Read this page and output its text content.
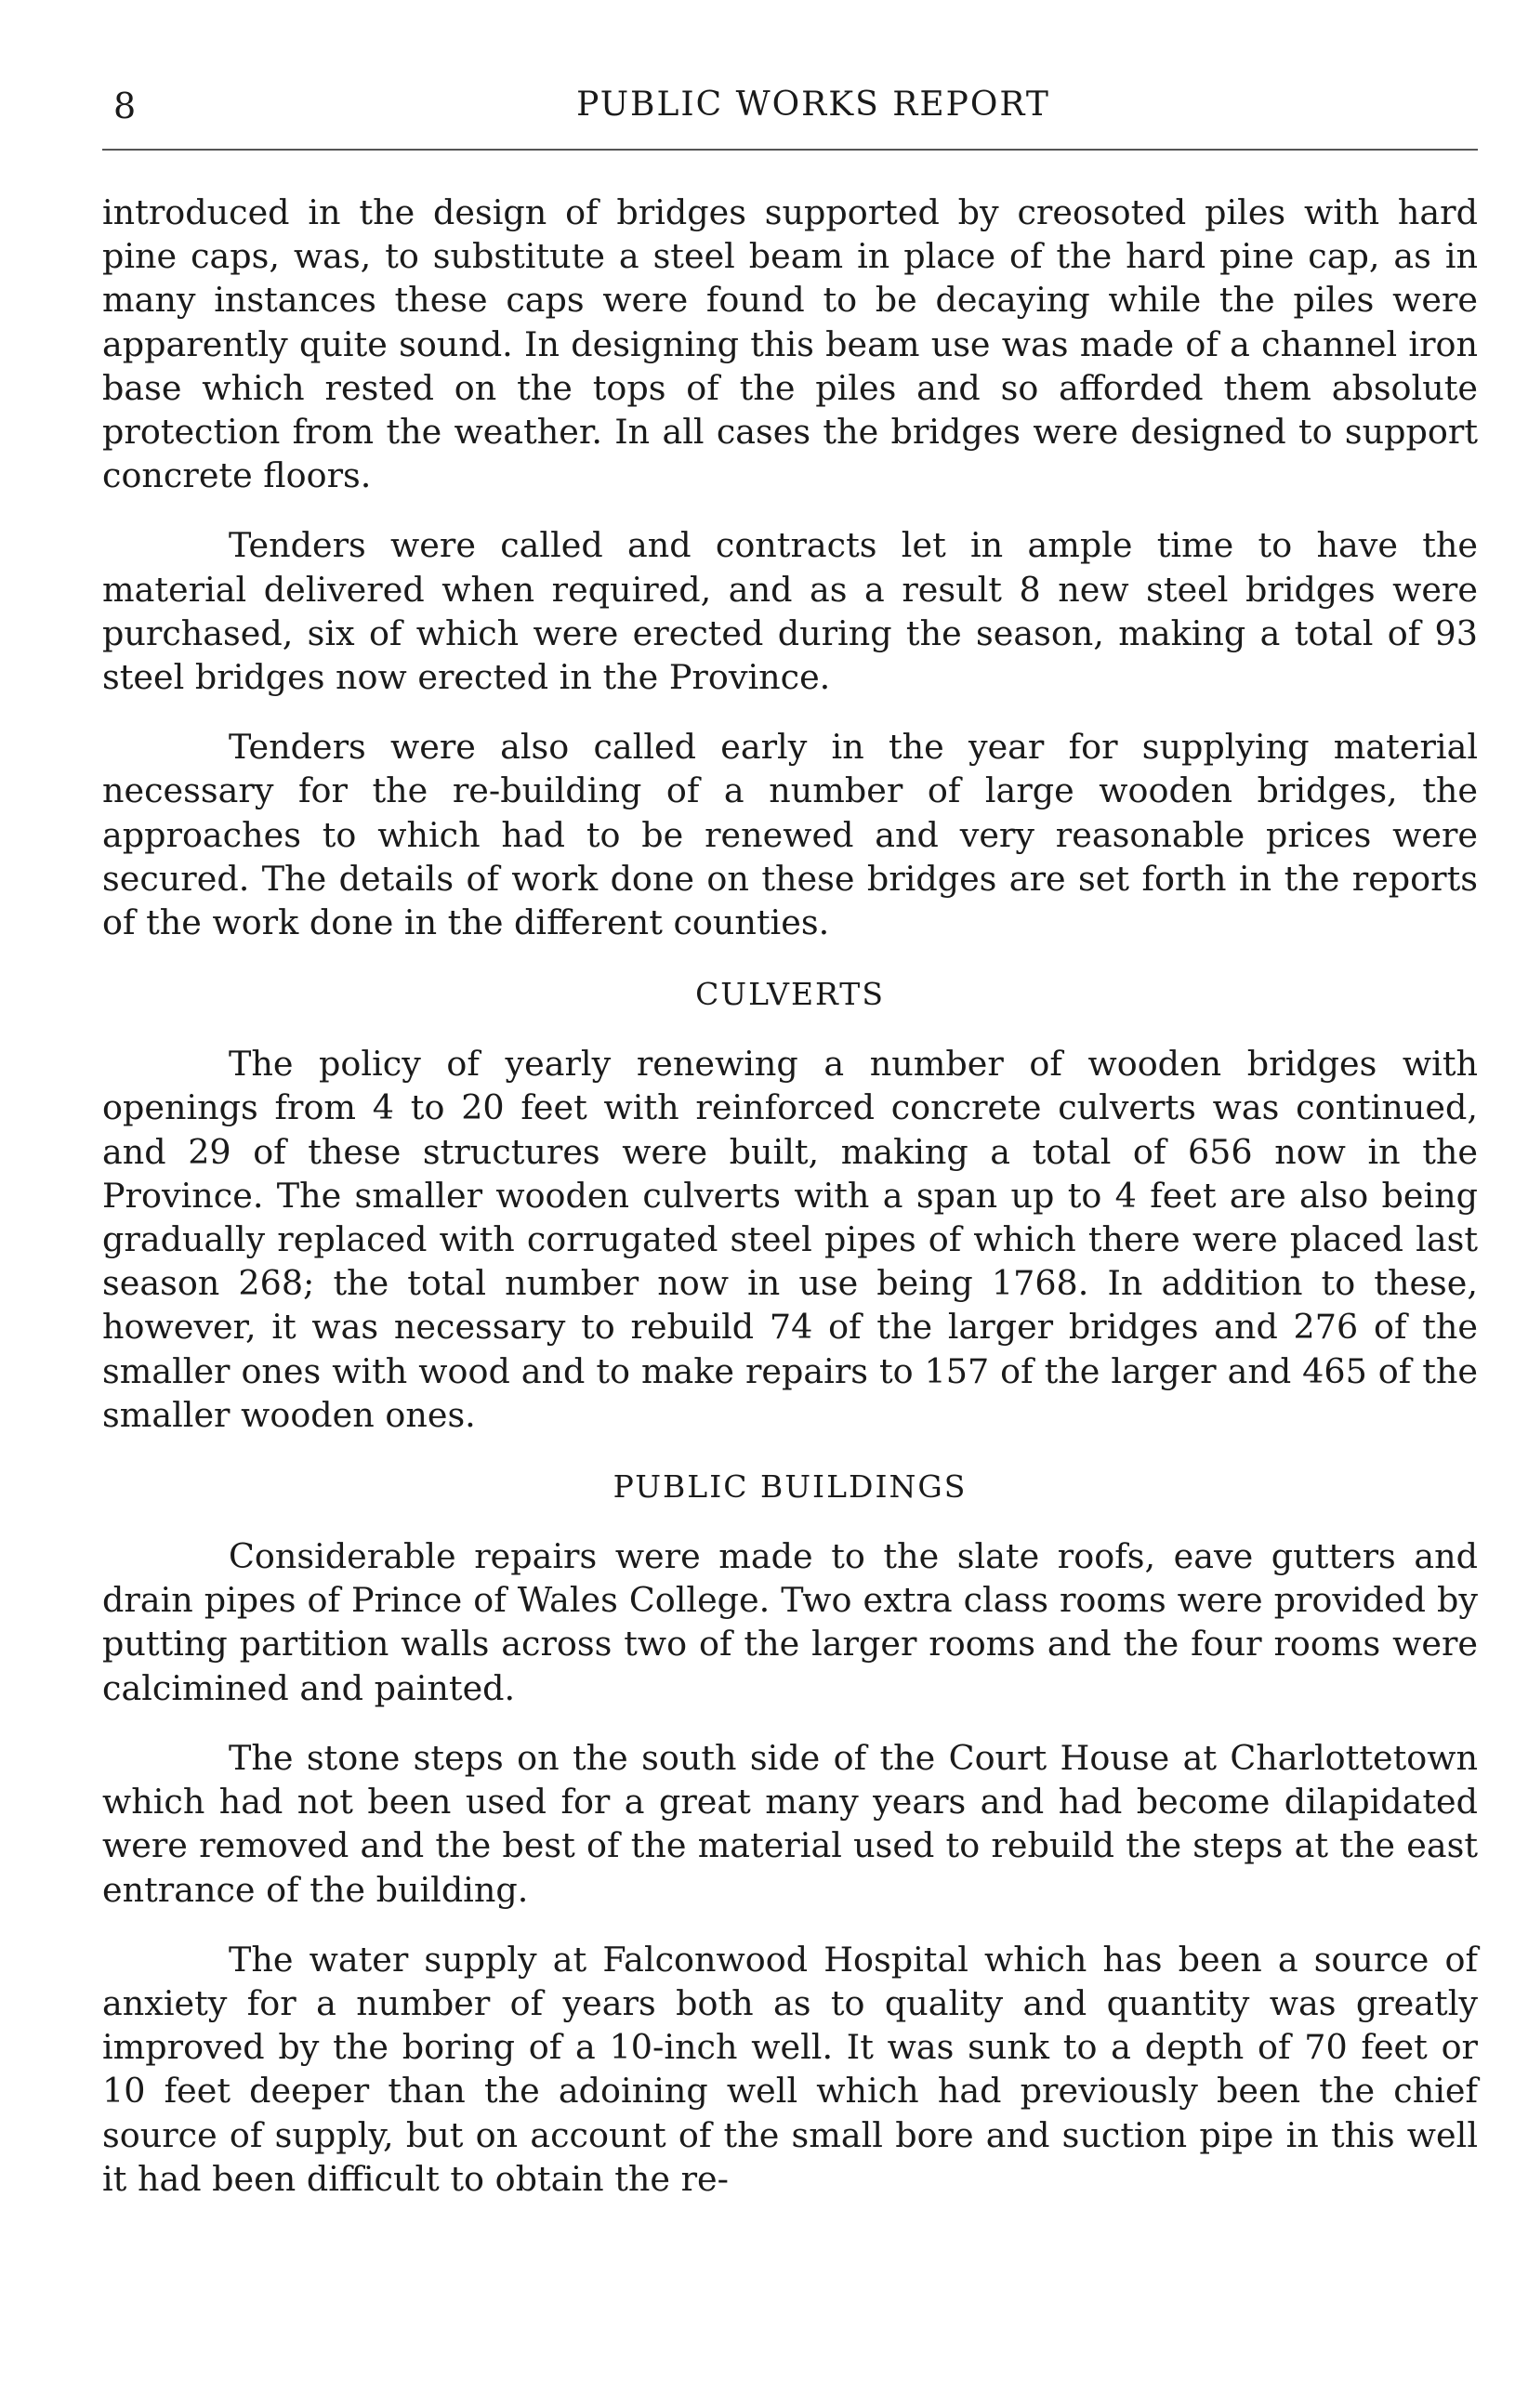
8	PUBLIC WORKS REPORT

introduced in the design of bridges supported by creosoted piles with hard pine caps, was, to substitute a steel beam in place of the hard pine cap, as in many instances these caps were found to be decaying while the piles were apparently quite sound. In designing this beam use was made of a channel iron base which rested on the tops of the piles and so afforded them absolute protection from the weather. In all cases the bridges were designed to support concrete floors.

Tenders were called and contracts let in ample time to have the material delivered when required, and as a result 8 new steel bridges were purchased, six of which were erected during the season, making a total of 93 steel bridges now erected in the Province.

Tenders were also called early in the year for supplying material necessary for the re-building of a number of large wooden bridges, the approaches to which had to be renewed and very reasonable prices were secured. The details of work done on these bridges are set forth in the reports of the work done in the different counties.

CULVERTS

The policy of yearly renewing a number of wooden bridges with openings from 4 to 20 feet with reinforced concrete culverts was continued, and 29 of these structures were built, making a total of 656 now in the Province. The smaller wooden culverts with a span up to 4 feet are also being gradually replaced with corrugated steel pipes of which there were placed last season 268; the total number now in use being 1768. In addition to these, however, it was necessary to rebuild 74 of the larger bridges and 276 of the smaller ones with wood and to make repairs to 157 of the larger and 465 of the smaller wooden ones.

PUBLIC BUILDINGS

Considerable repairs were made to the slate roofs, eave gutters and drain pipes of Prince of Wales College. Two extra class rooms were provided by putting partition walls across two of the larger rooms and the four rooms were calcimined and painted.

The stone steps on the south side of the Court House at Charlottetown which had not been used for a great many years and had become dilapidated were removed and the best of the material used to rebuild the steps at the east entrance of the building.

The water supply at Falconwood Hospital which has been a source of anxiety for a number of years both as to quality and quantity was greatly improved by the boring of a 10-inch well. It was sunk to a depth of 70 feet or 10 feet deeper than the adoining well which had previously been the chief source of supply, but on account of the small bore and suction pipe in this well it had been difficult to obtain the re-
